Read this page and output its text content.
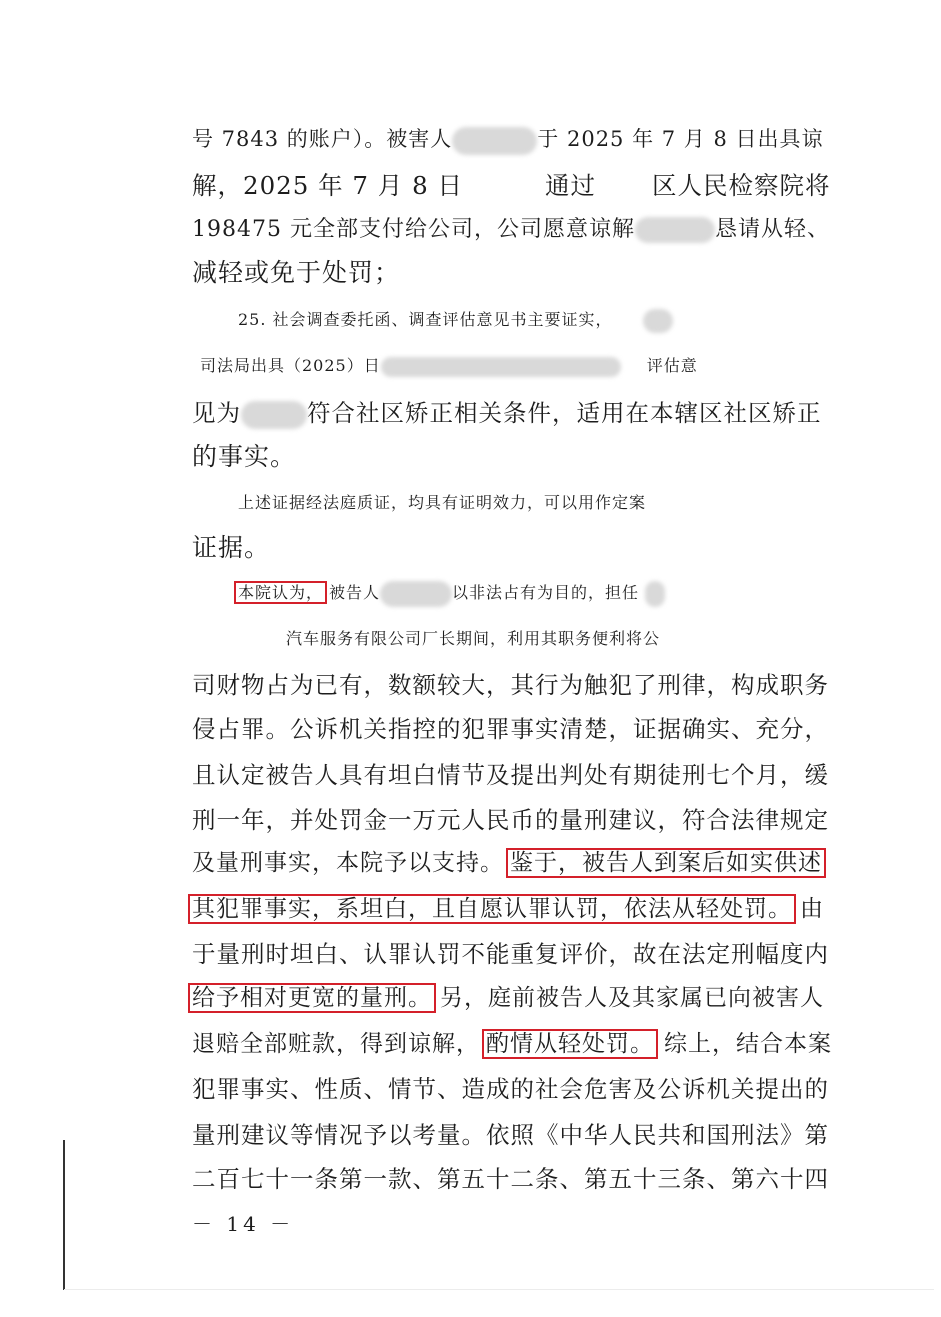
号 7843 的账户）。被害人	于 2025 年 7 月 8 日出具谅
解，2025 年 7 月 8 日	通过 区人民检察院将
198475 元全部支付给公司，公司愿意谅解	恳请从轻、
减轻或免于处罚；
25. 社会调查委托函、调查评估意见书主要证实，
司法局出具（2025）日	评估意
见为	符合社区矫正相关条件，适用在本辖区社区矫正
的事实。
上述证据经法庭质证，均具有证明效力，可以用作定案
证据。
本院认为， 被告人	以非法占有为目的，担任
汽车服务有限公司厂长期间，利用其职务便利将公
司财物占为已有，数额较大，其行为触犯了刑律，构成职务
侵占罪。公诉机关指控的犯罪事实清楚，证据确实、充分，
且认定被告人具有坦白情节及提出判处有期徒刑七个月，缓
刑一年，并处罚金一万元人民币的量刑建议，符合法律规定
及量刑事实，本院予以支持。 鉴于，被告人到案后如实供述
其犯罪事实，系坦白，且自愿认罪认罚，依法从轻处罚。 由
于量刑时坦白、认罪认罚不能重复评价，故在法定刑幅度内
给予相对更宽的量刑。 另，庭前被告人及其家属已向被害人
退赔全部赃款，得到谅解， 酌情从轻处罚。 综上，结合本案
犯罪事实、性质、情节、造成的社会危害及公诉机关提出的
量刑建议等情况予以考量。依照《中华人民共和国刑法》第
二百七十一条第一款、第五十二条、第五十三条、第六十四
－ 14 －
